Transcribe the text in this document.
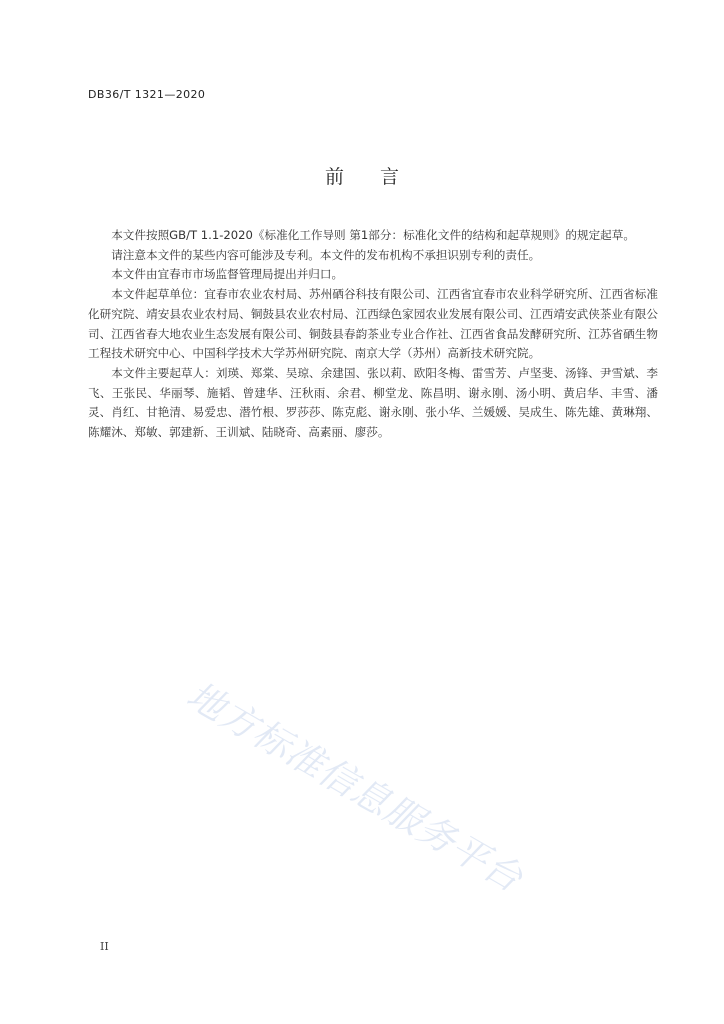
DB36/T 1321—2020
前言

本文件按照GB/T 1.1-2020《标准化工作导则 第1部分：标准化文件的结构和起草规则》的规定起草。

请注意本文件的某些内容可能涉及专利。本文件的发布机构不承担识别专利的责任。

本文件由宜春市市场监督管理局提出并归口。

本文件起草单位：宜春市农业农村局、苏州硒谷科技有限公司、江西省宜春市农业科学研究所、江西省标准化研究院、靖安县农业农村局、铜鼓县农业农村局、江西绿色家园农业发展有限公司、江西靖安武侠茶业有限公司、江西省春大地农业生态发展有限公司、铜鼓县春韵茶业专业合作社、江西省食品发酵研究所、江苏省硒生物工程技术研究中心、中国科学技术大学苏州研究院、南京大学（苏州）高新技术研究院。

本文件主要起草人：刘瑛、郑棠、吴琼、余建国、张以莉、欧阳冬梅、雷雪芳、卢坚斐、汤锋、尹雪斌、李飞、王张民、华丽琴、施韬、曾建华、汪秋雨、余君、柳堂龙、陈昌明、谢永刚、汤小明、黄启华、丰雪、潘灵、肖红、甘艳清、易爱忠、潜竹根、罗莎莎、陈克彪、谢永刚、张小华、兰媛媛、吴成生、陈先雄、黄琳翔、陈耀沐、郑敏、郭建新、王训斌、陆晓奇、高素丽、廖莎。

地方标准信息服务平台
II
